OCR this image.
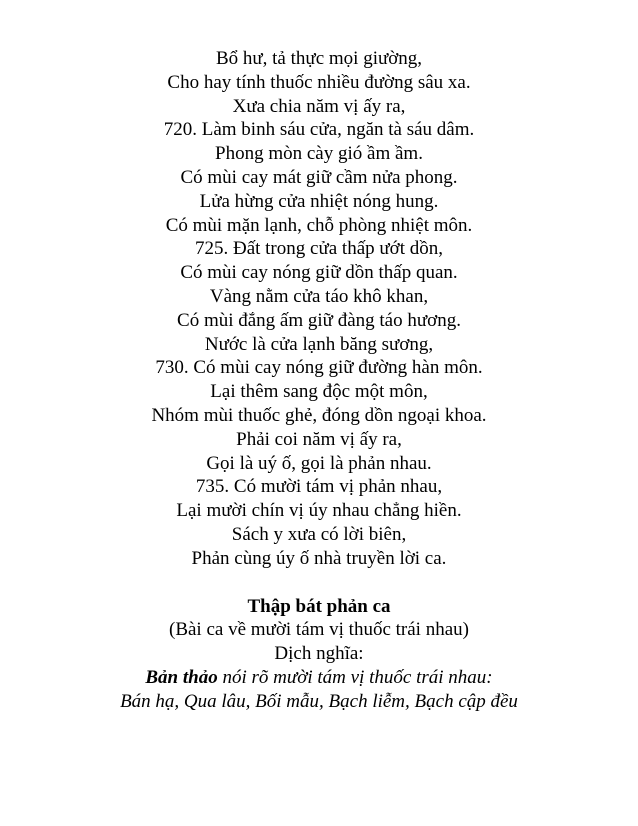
Bổ hư, tả thực mọi giường,
Cho hay tính thuốc nhiều đường sâu xa.
Xưa chia năm vị ấy ra,
720. Làm binh sáu cửa, ngăn tà sáu dâm.
Phong mòn cày gió ầm ầm.
Có mùi cay mát giữ cầm nửa phong.
Lửa hừng cửa nhiệt nóng hung.
Có mùi mặn lạnh, chỗ phòng nhiệt môn.
725. Đất trong cửa thấp ướt dồn,
Có mùi cay nóng giữ dồn thấp quan.
Vàng nằm cửa táo khô khan,
Có mùi đắng ấm giữ đàng táo hương.
Nước là cửa lạnh băng sương,
730. Có mùi cay nóng giữ đường hàn môn.
Lại thêm sang độc một môn,
Nhóm mùi thuốc ghẻ, đóng dồn ngoại khoa.
Phải coi năm vị ấy ra,
Gọi là uý ố, gọi là phản nhau.
735. Có mười tám vị phản nhau,
Lại mười chín vị úy nhau chẳng hiền.
Sách y xưa có lời biên,
Phản cùng úy ố nhà truyền lời ca.
Thập bát phản ca
(Bài ca về mười tám vị thuốc trái nhau)
Dịch nghĩa:
Bản thảo nói rõ mười tám vị thuốc trái nhau:
Bán hạ, Qua lâu, Bối mẫu, Bạch liễm, Bạch cập đều
